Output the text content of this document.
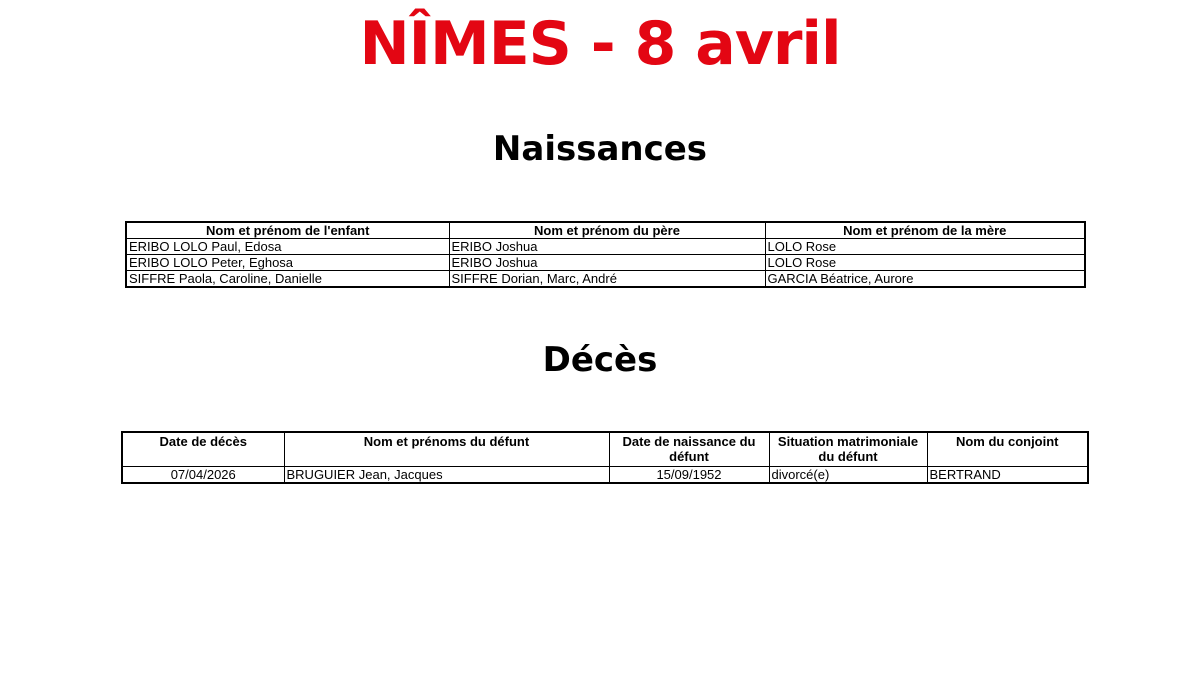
NÎMES - 8 avril
Naissances
Nom et prénom de l'enfant	Nom et prénom du père	Nom et prénom de la mère
ERIBO LOLO Paul, Edosa	ERIBO Joshua	LOLO Rose
ERIBO LOLO Peter, Eghosa	ERIBO Joshua	LOLO Rose
SIFFRE Paola, Caroline, Danielle	SIFFRE Dorian, Marc, André	GARCIA Béatrice, Aurore
Décès
Date de décès	Nom et prénoms du défunt	Date de naissance du défunt	Situation matrimoniale du défunt	Nom du conjoint
07/04/2026	BRUGUIER Jean, Jacques	15/09/1952	divorcé(e)	BERTRAND
